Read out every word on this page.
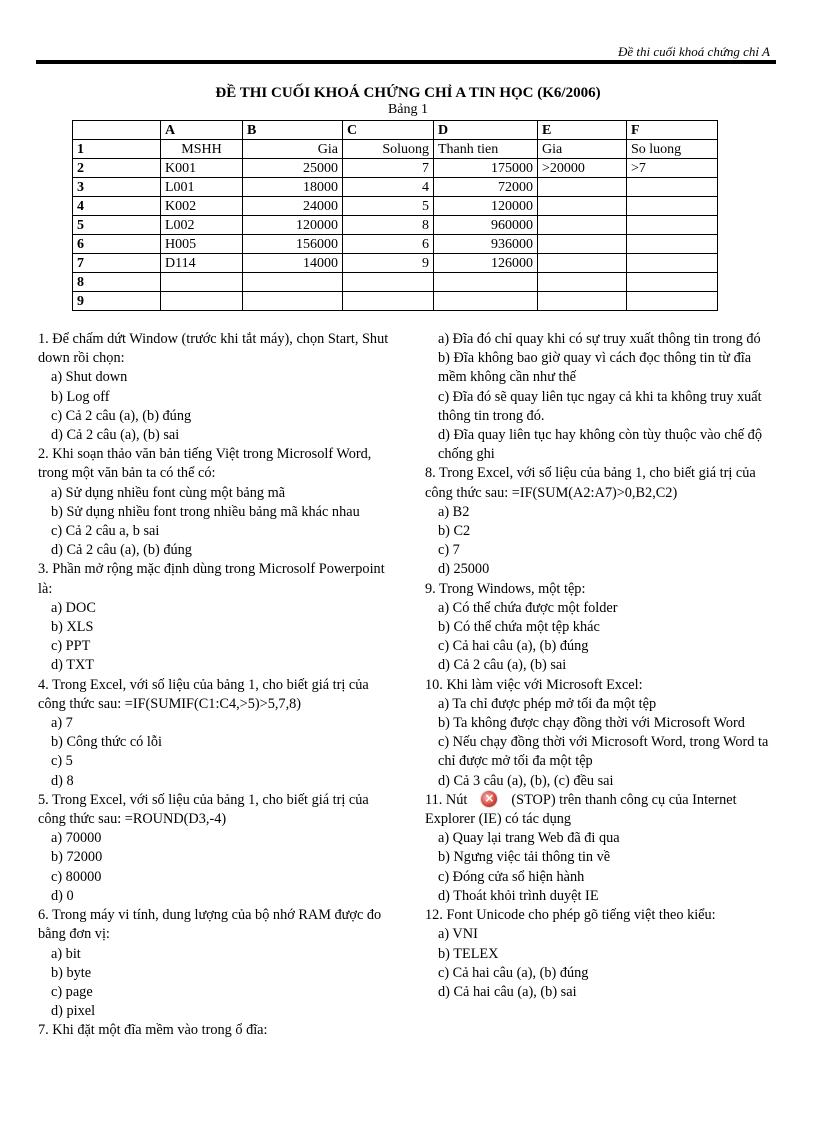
Đề thi cuối khoá chứng chỉ A
ĐỀ THI CUỐI KHOÁ CHỨNG CHỈ A TIN HỌC (K6/2006)
Bảng 1
	A	B	C	D	E	F
1	MSHH	Gia	Soluong	Thanh tien	Gia	So luong
2	K001	25000	7	175000	>20000	>7
3	L001	18000	4	72000		
4	K002	24000	5	120000		
5	L002	120000	8	960000		
6	H005	156000	6	936000		
7	D114	14000	9	126000		
8						
9						

1. Để chấm dứt Window (trước khi tắt máy), chọn Start, Shut down rồi chọn:

a) Shut down

b) Log off

c) Cả 2 câu (a), (b) đúng

d) Cả 2 câu (a), (b) sai

2. Khi soạn thảo văn bản tiếng Việt trong Microsolf Word, trong một văn bản ta có thể có:

a) Sử dụng nhiều font cùng một bảng mã

b) Sử dụng nhiều font trong nhiều bảng mã khác nhau

c) Cả 2 câu a, b sai

d) Cả 2 câu (a), (b) đúng

3. Phần mở rộng mặc định dùng trong Microsolf Powerpoint là:

a) DOC

b) XLS

c) PPT

d) TXT

4. Trong Excel, với số liệu của bảng 1, cho biết giá trị của công thức sau: =IF(SUMIF(C1:C4,>5)>5,7,8)

a) 7

b) Công thức có lỗi

c) 5

d) 8

5. Trong Excel, với số liệu của bảng 1, cho biết giá trị của công thức sau: =ROUND(D3,-4)

a) 70000

b) 72000

c) 80000

d) 0

6. Trong máy vi tính, dung lượng của bộ nhớ RAM được đo bằng đơn vị:

a) bit

b) byte

c) page

d) pixel

7. Khi đặt một đĩa mềm vào trong ổ đĩa:

a) Đĩa đó chỉ quay khi có sự truy xuất thông tin trong đó

b) Đĩa không bao giờ quay vì cách đọc thông tin từ đĩa mềm không cần như thế

c) Đĩa đó sẽ quay liên tục ngay cả khi ta không truy xuất thông tin trong đó.

d) Đĩa quay liên tục hay không còn tùy thuộc vào chế độ chống ghi

8. Trong Excel, với số liệu của bảng 1, cho biết giá trị của công thức sau: =IF(SUM(A2:A7)>0,B2,C2)

a) B2

b) C2

c) 7

d) 25000

9. Trong Windows, một tệp:

a) Có thể chứa được một folder

b) Có thể chứa một tệp khác

c) Cả hai câu (a), (b) đúng

d) Cả 2 câu (a), (b) sai

10. Khi làm việc với Microsoft Excel:

a) Ta chỉ được phép mở tối đa một tệp

b) Ta không được chạy đồng thời với Microsoft Word

c) Nếu chạy đồng thời với Microsoft Word, trong Word ta chỉ được mở tối đa một tệp

d) Cả 3 câu (a), (b), (c) đều sai

11. Nút ×	(STOP) trên thanh công cụ của Internet Explorer (IE) có tác dụng

a) Quay lại trang Web đã đi qua

b) Ngưng việc tải thông tin về

c) Đóng cửa sổ hiện hành

d) Thoát khỏi trình duyệt IE

12. Font Unicode cho phép gõ tiếng việt theo kiểu:

a) VNI

b) TELEX

c) Cả hai câu (a), (b) đúng

d) Cả hai câu (a), (b) sai
